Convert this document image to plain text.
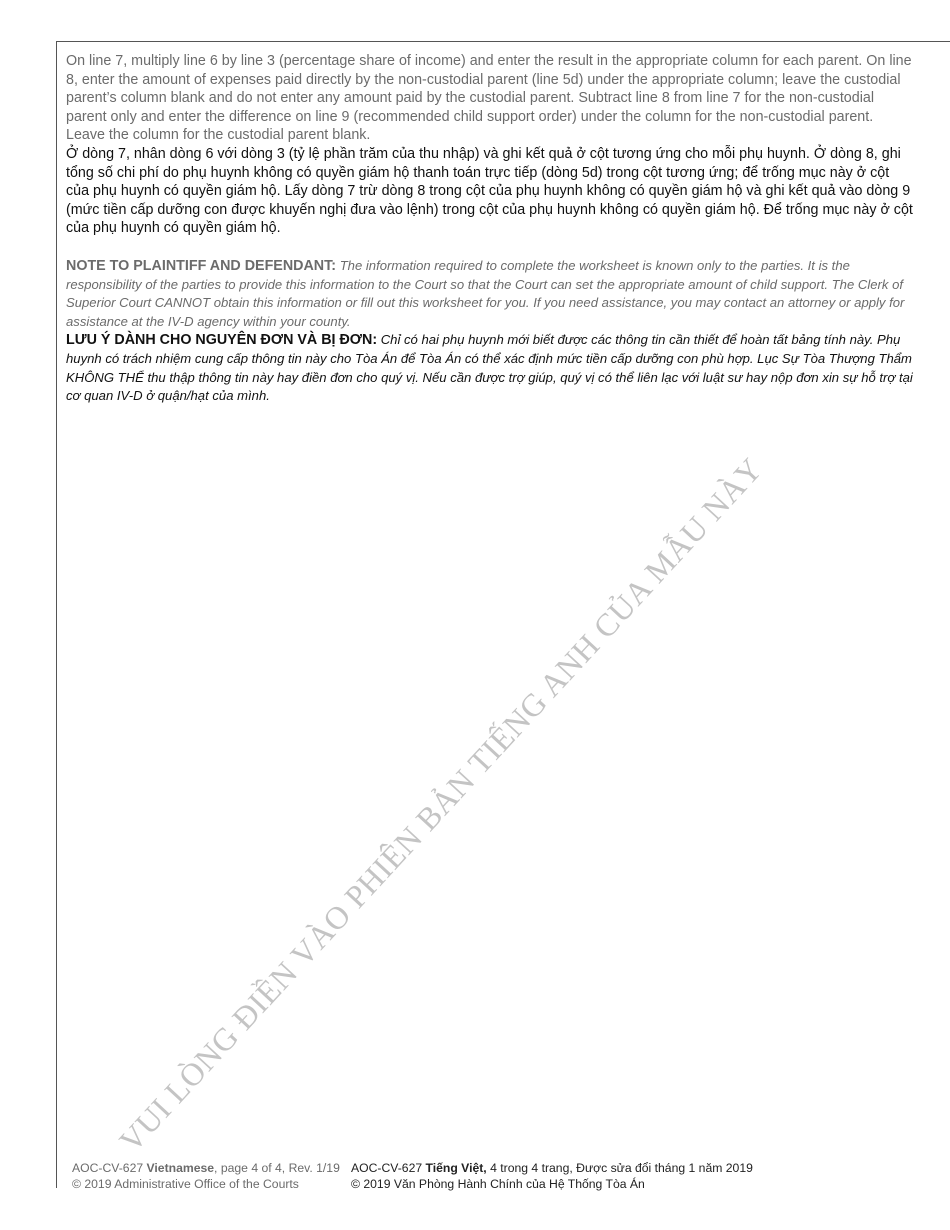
On line 7, multiply line 6 by line 3 (percentage share of income) and enter the result in the appropriate column for each parent. On line 8, enter the amount of expenses paid directly by the non-custodial parent (line 5d) under the appropriate column; leave the custodial parent’s column blank and do not enter any amount paid by the custodial parent. Subtract line 8 from line 7 for the non-custodial parent only and enter the difference on line 9 (recommended child support order) under the column for the non-custodial parent. Leave the column for the custodial parent blank.

Ở dòng 7, nhân dòng 6 với dòng 3 (tỷ lệ phần trăm của thu nhập) và ghi kết quả ở cột tương ứng cho mỗi phụ huynh. Ở dòng 8, ghi tổng số chi phí do phụ huynh không có quyền giám hộ thanh toán trực tiếp (dòng 5d) trong cột tương ứng; để trống mục này ở cột của phụ huynh có quyền giám hộ. Lấy dòng 7 trừ dòng 8 trong cột của phụ huynh không có quyền giám hộ và ghi kết quả vào dòng 9 (mức tiền cấp dưỡng con được khuyến nghị đưa vào lệnh) trong cột của phụ huynh không có quyền giám hộ. Để trống mục này ở cột của phụ huynh có quyền giám hộ.

NOTE TO PLAINTIFF AND DEFENDANT: The information required to complete the worksheet is known only to the parties. It is the responsibility of the parties to provide this information to the Court so that the Court can set the appropriate amount of child support. The Clerk of Superior Court CANNOT obtain this information or fill out this worksheet for you. If you need assistance, you may contact an attorney or apply for assistance at the IV-D agency within your county.

LƯU Ý DÀNH CHO NGUYÊN ĐƠN VÀ BỊ ĐƠN: Chỉ có hai phụ huynh mới biết được các thông tin cần thiết để hoàn tất bảng tính này. Phụ huynh có trách nhiệm cung cấp thông tin này cho Tòa Án để Tòa Án có thể xác định mức tiền cấp dưỡng con phù hợp. Lục Sự Tòa Thượng Thẩm KHÔNG THỂ thu thập thông tin này hay điền đơn cho quý vị. Nếu cần được trợ giúp, quý vị có thể liên lạc với luật sư hay nộp đơn xin sự hỗ trợ tại cơ quan IV-D ở quận/hạt của mình.

VUI LÒNG ĐIỀN VÀO PHIÊN BẢN TIẾNG ANH CỦA MẪU NÀY
AOC-CV-627 Vietnamese, page 4 of 4, Rev. 1/19
© 2019 Administrative Office of the Courts
AOC-CV-627 Tiếng Việt, 4 trong 4 trang, Được sửa đổi tháng 1 năm 2019
© 2019 Văn Phòng Hành Chính của Hệ Thống Tòa Án
